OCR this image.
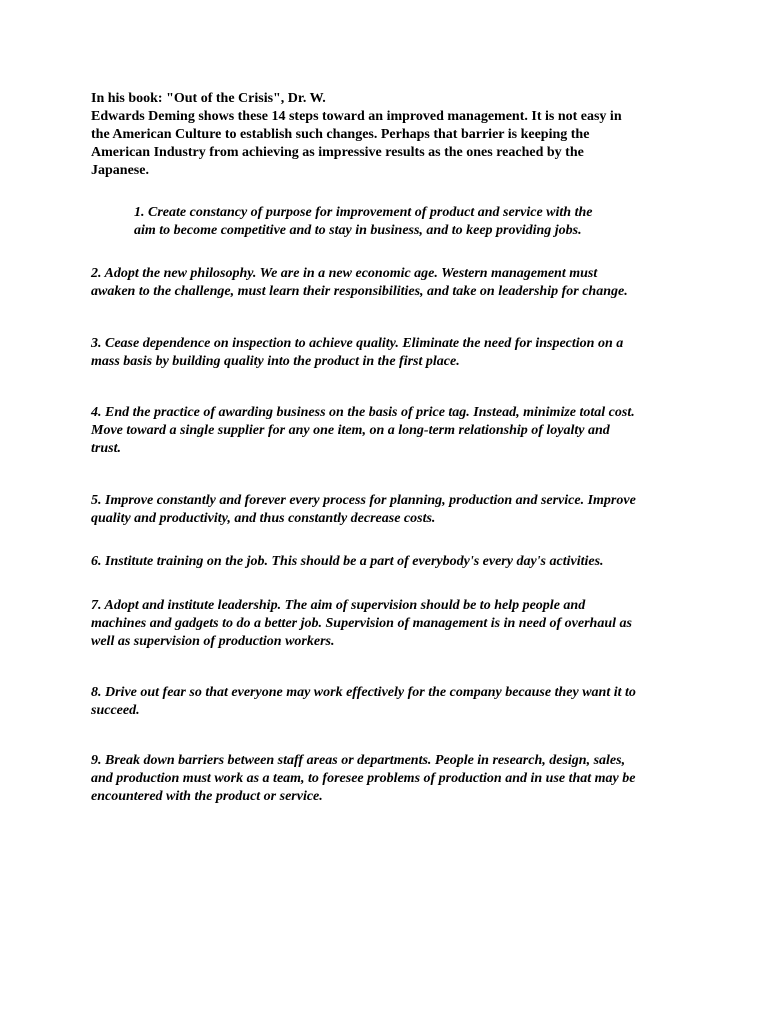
In his book: "Out of the Crisis", Dr. W.
Edwards Deming shows these 14 steps toward an improved management. It is not easy in
the American Culture to establish such changes. Perhaps that barrier is keeping the
American Industry from achieving as impressive results as the ones reached by the
Japanese.
1. Create constancy of purpose for improvement of product and service with the
aim to become competitive and to stay in business, and to keep providing jobs.
2. Adopt the new philosophy. We are in a new economic age. Western management must
awaken to the challenge, must learn their responsibilities, and take on leadership for change.
3. Cease dependence on inspection to achieve quality. Eliminate the need for inspection on a
mass basis by building quality into the product in the first place.
4. End the practice of awarding business on the basis of price tag. Instead, minimize total cost.
Move toward a single supplier for any one item, on a long-term relationship of loyalty and
trust.
5. Improve constantly and forever every process for planning, production and service. Improve
quality and productivity, and thus constantly decrease costs.
6. Institute training on the job. This should be a part of everybody's every day's activities.
7. Adopt and institute leadership. The aim of supervision should be to help people and
machines and gadgets to do a better job. Supervision of management is in need of overhaul as
well as supervision of production workers.
8. Drive out fear so that everyone may work effectively for the company because they want it to
succeed.
9. Break down barriers between staff areas or departments. People in research, design, sales,
and production must work as a team, to foresee problems of production and in use that may be
encountered with the product or service.
